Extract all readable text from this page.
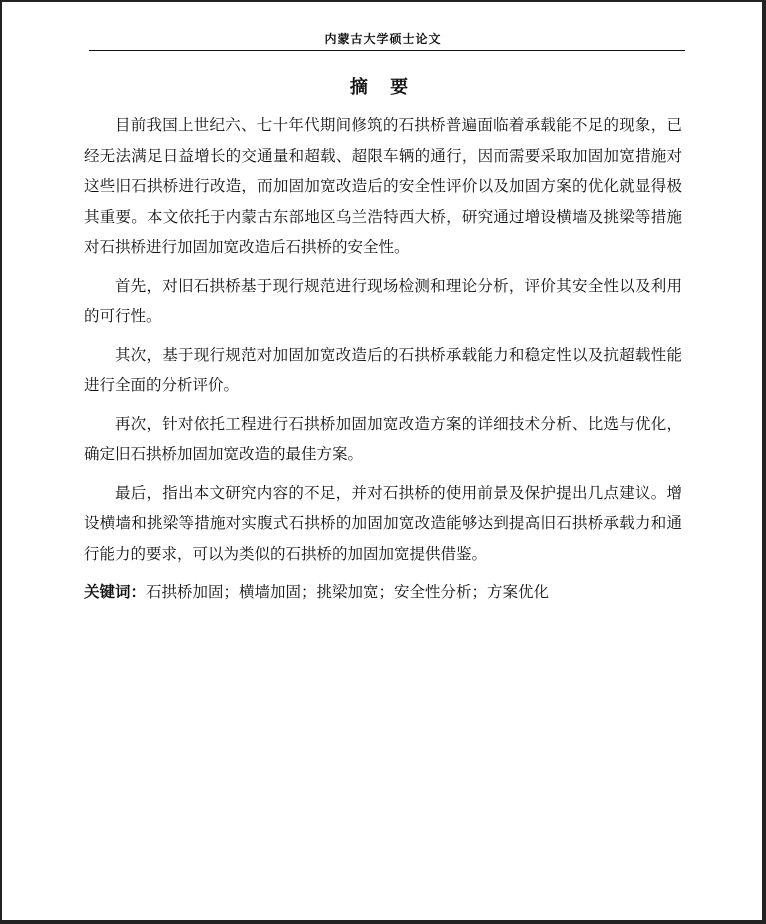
内蒙古大学硕士论文
摘 要

目前我国上世纪六、七十年代期间修筑的石拱桥普遍面临着承载能不足的现象，已经无法满足日益增长的交通量和超载、超限车辆的通行，因而需要采取加固加宽措施对这些旧石拱桥进行改造，而加固加宽改造后的安全性评价以及加固方案的优化就显得极其重要。本文依托于内蒙古东部地区乌兰浩特西大桥，研究通过增设横墙及挑梁等措施对石拱桥进行加固加宽改造后石拱桥的安全性。

首先，对旧石拱桥基于现行规范进行现场检测和理论分析，评价其安全性以及利用的可行性。

其次，基于现行规范对加固加宽改造后的石拱桥承载能力和稳定性以及抗超载性能进行全面的分析评价。

再次，针对依托工程进行石拱桥加固加宽改造方案的详细技术分析、比选与优化，确定旧石拱桥加固加宽改造的最佳方案。

最后，指出本文研究内容的不足，并对石拱桥的使用前景及保护提出几点建议。增设横墙和挑梁等措施对实腹式石拱桥的加固加宽改造能够达到提高旧石拱桥承载力和通行能力的要求，可以为类似的石拱桥的加固加宽提供借鉴。

关键词：石拱桥加固；横墙加固；挑梁加宽；安全性分析；方案优化
